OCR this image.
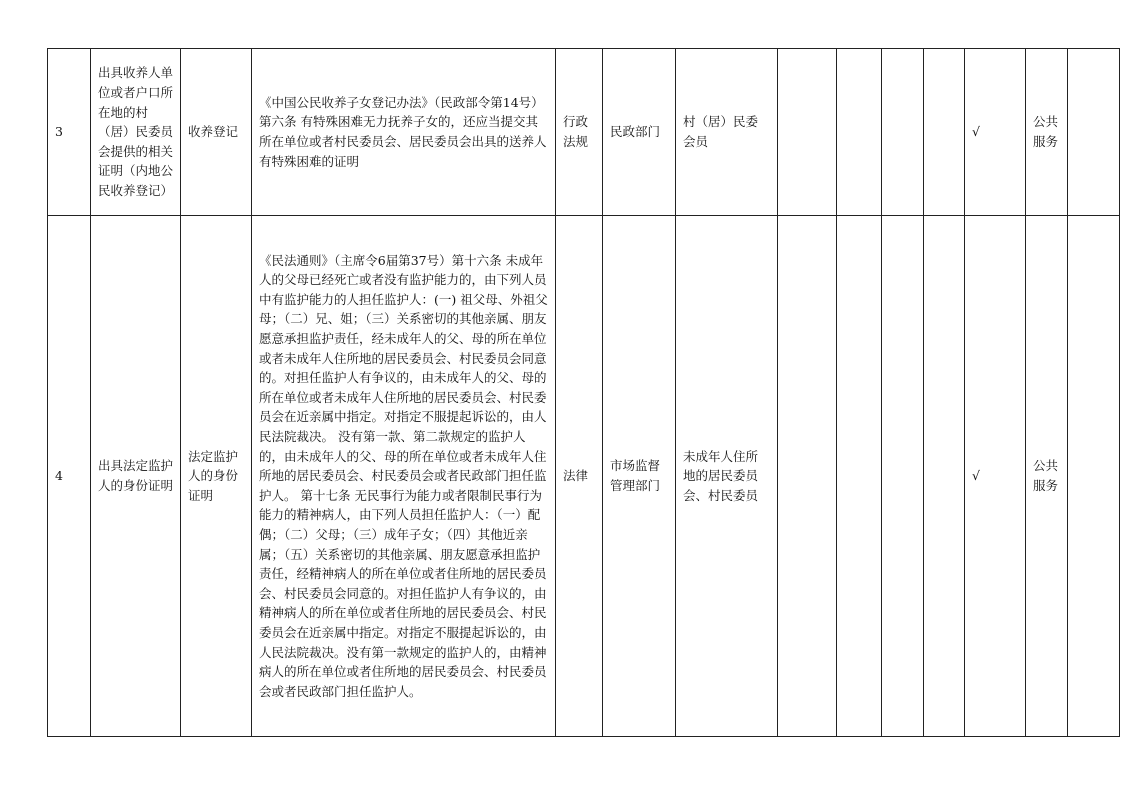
3	出具收养人单位或者户口所在地的村（居）民委员会提供的相关证明（内地公民收养登记）	收养登记	《中国公民收养子女登记办法》（民政部令第14号）第六条 有特殊困难无力抚养子女的，还应当提交其所在单位或者村民委员会、居民委员会出具的送养人有特殊困难的证明	行政法规	民政部门	村（居）民委会员					√	公共服务	
4	出具法定监护人的身份证明	法定监护人的身份证明	《民法通则》（主席令6届第37号）第十六条 未成年人的父母已经死亡或者没有监护能力的，由下列人员中有监护能力的人担任监护人：(一) 祖父母、外祖父母；（二）兄、姐；（三）关系密切的其他亲属、朋友愿意承担监护责任，经未成年人的父、母的所在单位或者未成年人住所地的居民委员会、村民委员会同意的。对担任监护人有争议的，由未成年人的父、母的所在单位或者未成年人住所地的居民委员会、村民委员会在近亲属中指定。对指定不服提起诉讼的，由人民法院裁决。 没有第一款、第二款规定的监护人的，由未成年人的父、母的所在单位或者未成年人住所地的居民委员会、村民委员会或者民政部门担任监护人。 第十七条 无民事行为能力或者限制民事行为能力的精神病人，由下列人员担任监护人：（一）配偶；（二）父母；（三）成年子女；（四）其他近亲属；（五）关系密切的其他亲属、朋友愿意承担监护责任，经精神病人的所在单位或者住所地的居民委员会、村民委员会同意的。对担任监护人有争议的，由精神病人的所在单位或者住所地的居民委员会、村民委员会在近亲属中指定。对指定不服提起诉讼的，由人民法院裁决。没有第一款规定的监护人的，由精神病人的所在单位或者住所地的居民委员会、村民委员会或者民政部门担任监护人。	法律	市场监督管理部门	未成年人住所地的居民委员会、村民委员					√	公共服务	
